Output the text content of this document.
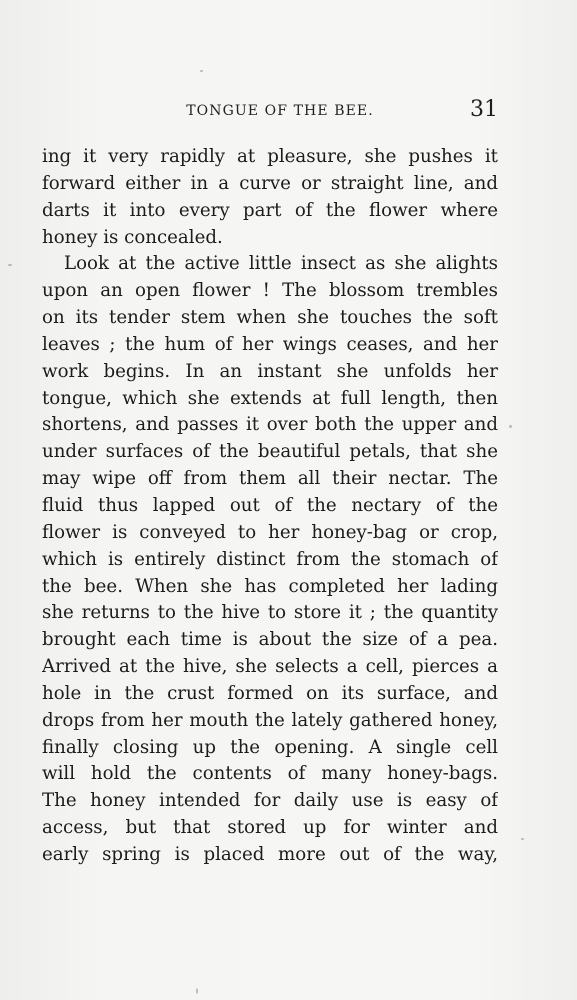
TONGUE OF THE BEE.	31
ing it very rapidly at pleasure, she pushes it
forward either in a curve or straight line, and
darts it into every part of the flower where
honey is concealed.
Look at the active little insect as she alights
upon an open flower ! The blossom trembles
on its tender stem when she touches the soft
leaves ; the hum of her wings ceases, and her
work begins. In an instant she unfolds her
tongue, which she extends at full length, then
shortens, and passes it over both the upper and
under surfaces of the beautiful petals, that she
may wipe off from them all their nectar. The
fluid thus lapped out of the nectary of the
flower is conveyed to her honey-bag or crop,
which is entirely distinct from the stomach of
the bee. When she has completed her lading
she returns to the hive to store it ; the quantity
brought each time is about the size of a pea.
Arrived at the hive, she selects a cell, pierces a
hole in the crust formed on its surface, and
drops from her mouth the lately gathered honey,
finally closing up the opening. A single cell
will hold the contents of many honey-bags.
The honey intended for daily use is easy of
access, but that stored up for winter and
early spring is placed more out of the way,
